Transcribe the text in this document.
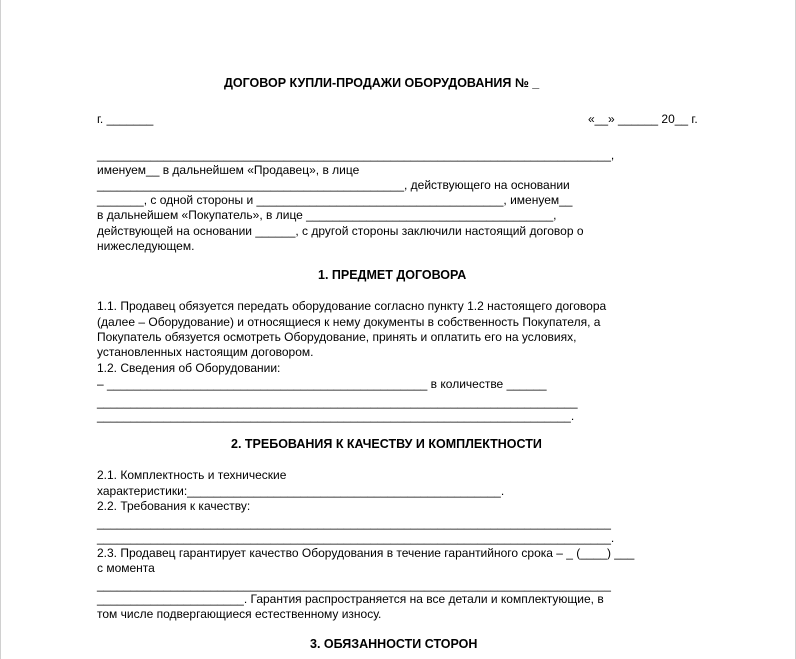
ДОГОВОР КУПЛИ-ПРОДАЖИ ОБОРУДОВАНИЯ № _
г. _______	«__» ______ 20__ г.
_____________________________________________________________________________,
именуем__ в дальнейшем «Продавец», в лице
______________________________________________, действующего на основании
_______, с одной стороны и _____________________________________, именуем__
в дальнейшем «Покупатель», в лице _____________________________________,
действующей на основании ______, с другой стороны заключили настоящий договор о
нижеследующем.
1. ПРЕДМЕТ ДОГОВОРА
1.1. Продавец обязуется передать оборудование согласно пункту 1.2 настоящего договора
(далее – Оборудование) и относящиеся к нему документы в собственность Покупателя, а
Покупатель обязуется осмотреть Оборудование, принять и оплатить его на условиях,
установленных настоящим договором.
1.2. Сведения об Оборудовании:
– ________________________________________________ в количестве ______
________________________________________________________________________
_______________________________________________________________________.
2. ТРЕБОВАНИЯ К КАЧЕСТВУ И КОМПЛЕКТНОСТИ
2.1. Комплектность и технические
характеристики:_______________________________________________.
2.2. Требования к качеству:
_____________________________________________________________________________
_____________________________________________________________________________.
2.3. Продавец гарантирует качество Оборудования в течение гарантийного срока – _ (____) ___
с момента
_____________________________________________________________________________
______________________. Гарантия распространяется на все детали и комплектующие, в
том числе подвергающиеся естественному износу.
3. ОБЯЗАННОСТИ СТОРОН
